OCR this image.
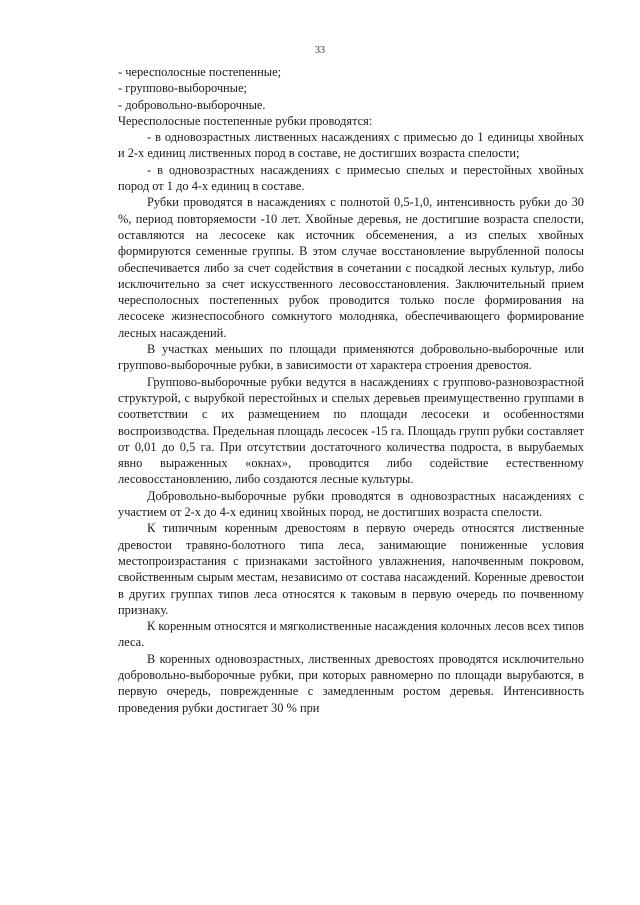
33

- чересполосные постепенные;

- группово-выборочные;

- добровольно-выборочные.

Чересполосные постепенные рубки проводятся:

- в одновозрастных лиственных насаждениях с примесью до 1 единицы хвойных и 2-х единиц лиственных пород в составе, не достигших возраста спелости;

- в одновозрастных насаждениях с примесью спелых и перестойных хвойных пород от 1 до 4-х единиц в составе.

Рубки проводятся в насаждениях с полнотой 0,5-1,0, интенсивность рубки до 30 %, период повторяемости -10 лет. Хвойные деревья, не достигшие возраста спелости, оставляются на лесосеке как источник обсеменения, а из спелых хвойных формируются семенные группы. В этом случае восстановление вырубленной полосы обеспечивается либо за счет содействия в сочетании с посадкой лесных культур, либо исключительно за счет искусственного лесовосстановления. Заключительный прием чересполосных постепенных рубок проводится только после формирования на лесосеке жизнеспособного сомкнутого молодняка, обеспечивающего формирование лесных насаждений.

В участках меньших по площади применяются добровольно-выборочные или группово-выборочные рубки, в зависимости от характера строения древостоя.

Группово-выборочные рубки ведутся в насаждениях с группово-разновозрастной структурой, с вырубкой перестойных и спелых деревьев преимущественно группами в соответствии с их размещением по площади лесосеки и особенностями воспроизводства. Предельная площадь лесосек -15 га. Площадь групп рубки составляет от 0,01 до 0,5 га. При отсутствии достаточного количества подроста, в вырубаемых явно выраженных «окнах», проводится либо содействие естественному лесовосстановлению, либо создаются лесные культуры.

Добровольно-выборочные рубки проводятся в одновозрастных насаждениях с участием от 2-х до 4-х единиц хвойных пород, не достигших возраста спелости.

К типичным коренным древостоям в первую очередь относятся лиственные древостои травяно-болотного типа леса, занимающие пониженные условия местопроизрастания с признаками застойного увлажнения, напочвенным покровом, свойственным сырым местам, независимо от состава насаждений. Коренные древостои в других группах типов леса относятся к таковым в первую очередь по почвенному признаку.

К коренным относятся и мягколиственные насаждения колочных лесов всех типов леса.

В коренных одновозрастных, лиственных древостоях проводятся исключительно добровольно-выборочные рубки, при которых равномерно по площади вырубаются, в первую очередь, поврежденные с замедленным ростом деревья. Интенсивность проведения рубки достигает 30 % при
